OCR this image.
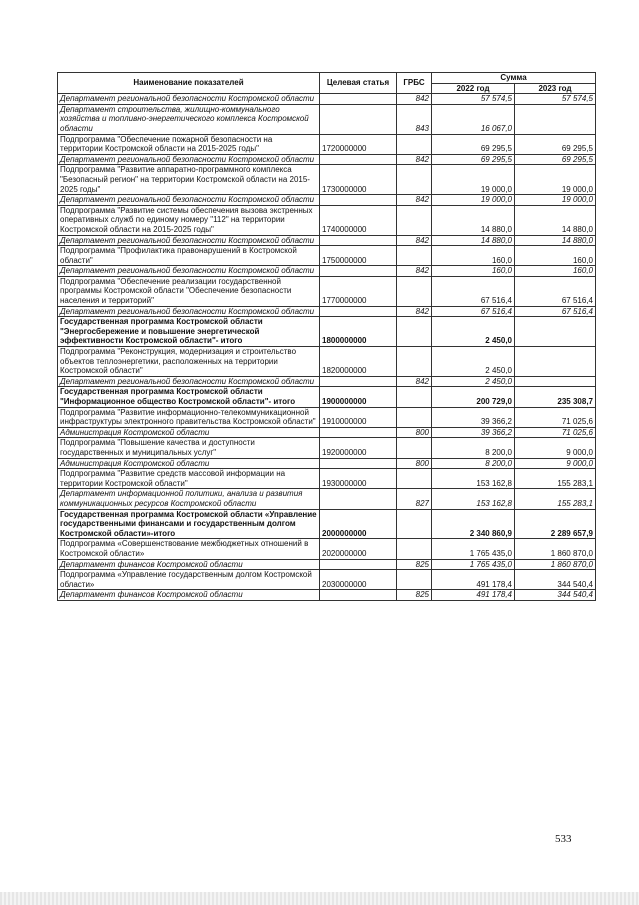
Наименование показателей	Целевая статья	ГРБС	Сумма	
			2022 год	2023 год
Департамент региональной безопасности Костромской области		842	57 574,5	57 574,5
Департамент строительства, жилищно-коммунального хозяйства и топливно-энергетического комплекса Костромской области		843	16 067,0	
Подпрограмма "Обеспечение пожарной безопасности на территории Костромской области на 2015-2025 годы"	1720000000		69 295,5	69 295,5
Департамент региональной безопасности Костромской области		842	69 295,5	69 295,5
Подпрограмма "Развитие аппаратно-программного комплекса "Безопасный регион" на территории Костромской области на 2015-2025 годы"	1730000000		19 000,0	19 000,0
Департамент региональной безопасности Костромской области		842	19 000,0	19 000,0
Подпрограмма "Развитие системы обеспечения вызова экстренных оперативных служб по единому номеру "112" на территории Костромской области на 2015-2025 годы"	1740000000		14 880,0	14 880,0
Департамент региональной безопасности Костромской области		842	14 880,0	14 880,0
Подпрограмма "Профилактика правонарушений в Костромской области"	1750000000		160,0	160,0
Департамент региональной безопасности Костромской области		842	160,0	160,0
Подпрограмма "Обеспечение реализации государственной программы Костромской области "Обеспечение безопасности населения и территорий"	1770000000		67 516,4	67 516,4
Департамент региональной безопасности Костромской области		842	67 516,4	67 516,4
Государственная программа Костромской области "Энергосбережение и повышение энергетической эффективности Костромской области"- итого	1800000000		2 450,0	
Подпрограмма "Реконструкция, модернизация и строительство объектов теплоэнергетики, расположенных на территории Костромской области"	1820000000		2 450,0	
Департамент региональной безопасности Костромской области		842	2 450,0	
Государственная программа Костромской области "Информационное общество Костромской области"- итого	1900000000		200 729,0	235 308,7
Подпрограмма "Развитие информационно-телекоммуникационной инфраструктуры электронного правительства Костромской области"	1910000000		39 366,2	71 025,6
Администрация Костромской области		800	39 366,2	71 025,6
Подпрограмма "Повышение качества и доступности государственных и муниципальных услуг"	1920000000		8 200,0	9 000,0
Администрация Костромской области		800	8 200,0	9 000,0
Подпрограмма "Развитие средств массовой информации на территории Костромской области"	1930000000		153 162,8	155 283,1
Департамент информационной политики, анализа и развития коммуникационных ресурсов Костромской области		827	153 162,8	155 283,1
Государственная программа Костромской области «Управление государственными финансами и государственным долгом Костромской области»-итого	2000000000		2 340 860,9	2 289 657,9
Подпрограмма «Совершенствование межбюджетных отношений в Костромской области»	2020000000		1 765 435,0	1 860 870,0
Департамент финансов Костромской области		825	1 765 435,0	1 860 870,0
Подпрограмма «Управление государственным долгом Костромской области»	2030000000		491 178,4	344 540,4
Департамент финансов Костромской области		825	491 178,4	344 540,4
533
